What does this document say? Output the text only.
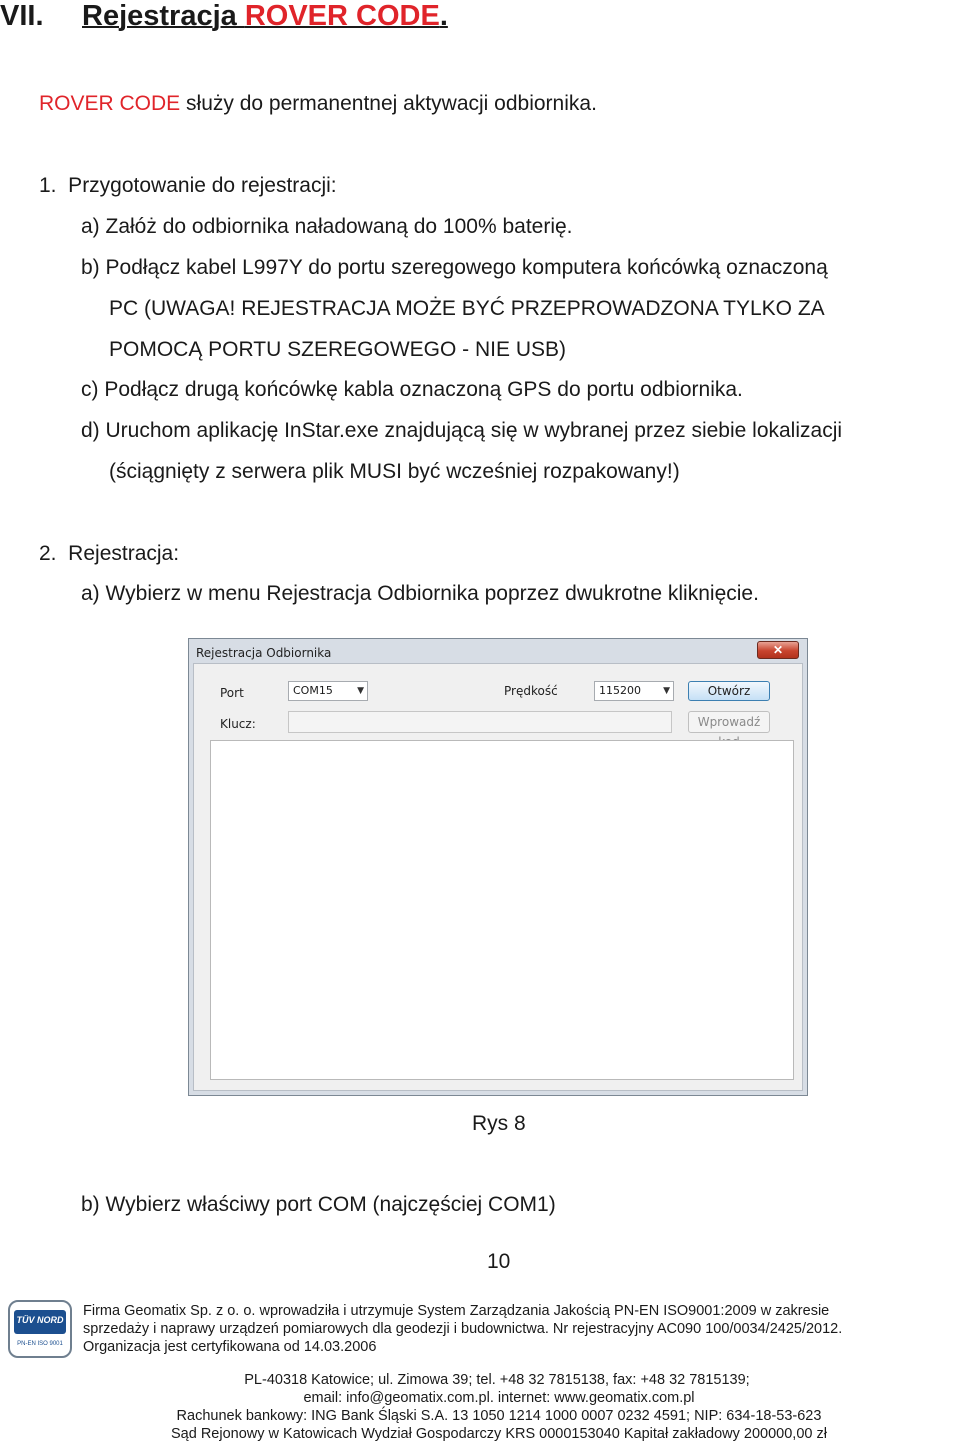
VII. Rejestracja ROVER CODE.
ROVER CODE służy do permanentnej aktywacji odbiornika.
1.  Przygotowanie do rejestracji:
a) Załóż do odbiornika naładowaną do 100% baterię.
b) Podłącz kabel L997Y do portu szeregowego komputera końcówką oznaczoną
PC (UWAGA! REJESTRACJA MOŻE BYĆ PRZEPROWADZONA TYLKO ZA
POMOCĄ PORTU SZEREGOWEGO - NIE USB)
c) Podłącz drugą końcówkę kabla oznaczoną GPS do portu odbiornika.
d) Uruchom aplikację InStar.exe znajdującą się w wybranej przez siebie lokalizacji
(ściągnięty z serwera plik MUSI być wcześniej rozpakowany!)
2.  Rejestracja:
a) Wybierz w menu Rejestracja Odbiornika poprzez dwukrotne kliknięcie.
Rejestracja Odbiornika	✕
Port	COM15	▼	Prędkość	115200 ▼	Otwórz
Klucz:	Wprowadź
Rys 8
b) Wybierz właściwy port COM (najczęściej COM1)
10
TÜV NORD
PN-EN ISO 9001
Firma Geomatix Sp. z o. o. wprowadziła i utrzymuje System Zarządzania Jakością PN-EN ISO9001:2009 w zakresie
sprzedaży i naprawy urządzeń pomiarowych dla geodezji i budownictwa. Nr rejestracyjny AC090 100/0034/2425/2012.
Organizacja jest certyfikowana od 14.03.2006
PL-40318 Katowice; ul. Zimowa 39; tel. +48 32 7815138, fax: +48 32 7815139;
email: info@geomatix.com.pl. internet: www.geomatix.com.pl
Rachunek bankowy: ING Bank Śląski S.A. 13 1050 1214 1000 0007 0232 4591; NIP: 634-18-53-623
Sąd Rejonowy w Katowicach Wydział Gospodarczy KRS 0000153040 Kapitał zakładowy 200000,00 zł
